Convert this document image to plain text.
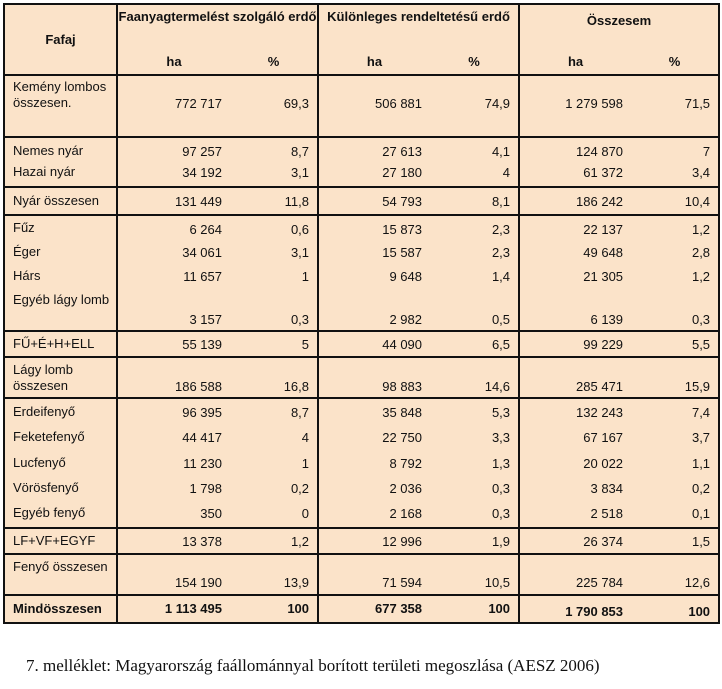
Fafaj	Faanyagtermelést szolgáló erdő		Különleges rendeltetésű erdő		Összesem	
	ha	%	ha	%	ha	%
Kemény lombos összesen.	772 717	69,3	506 881	74,9	1 279 598	71,5
Nemes nyár	97 257	8,7	27 613	4,1	124 870	7
Hazai nyár	34 192	3,1	27 180	4	61 372	3,4
Nyár összesen	131 449	11,8	54 793	8,1	186 242	10,4
Fűz	6 264	0,6	15 873	2,3	22 137	1,2
Éger	34 061	3,1	15 587	2,3	49 648	2,8
Hárs	11 657	1	9 648	1,4	21 305	1,2
Egyéb lágy lomb	3 157	0,3	2 982	0,5	6 139	0,3
FŰ+É+H+ELL	55 139	5	44 090	6,5	99 229	5,5
Lágy lomb összesen	186 588	16,8	98 883	14,6	285 471	15,9
Erdeifenyő	96 395	8,7	35 848	5,3	132 243	7,4
Feketefenyő	44 417	4	22 750	3,3	67 167	3,7
Lucfenyő	11 230	1	8 792	1,3	20 022	1,1
Vörösfenyő	1 798	0,2	2 036	0,3	3 834	0,2
Egyéb fenyő	350	0	2 168	0,3	2 518	0,1
LF+VF+EGYF	13 378	1,2	12 996	1,9	26 374	1,5
Fenyő összesen	154 190	13,9	71 594	10,5	225 784	12,6
Mindösszesen	1 113 495	100	677 358	100	1 790 853	100
7. melléklet: Magyarország faállománnyal borított területi megoszlása (AESZ 2006)
